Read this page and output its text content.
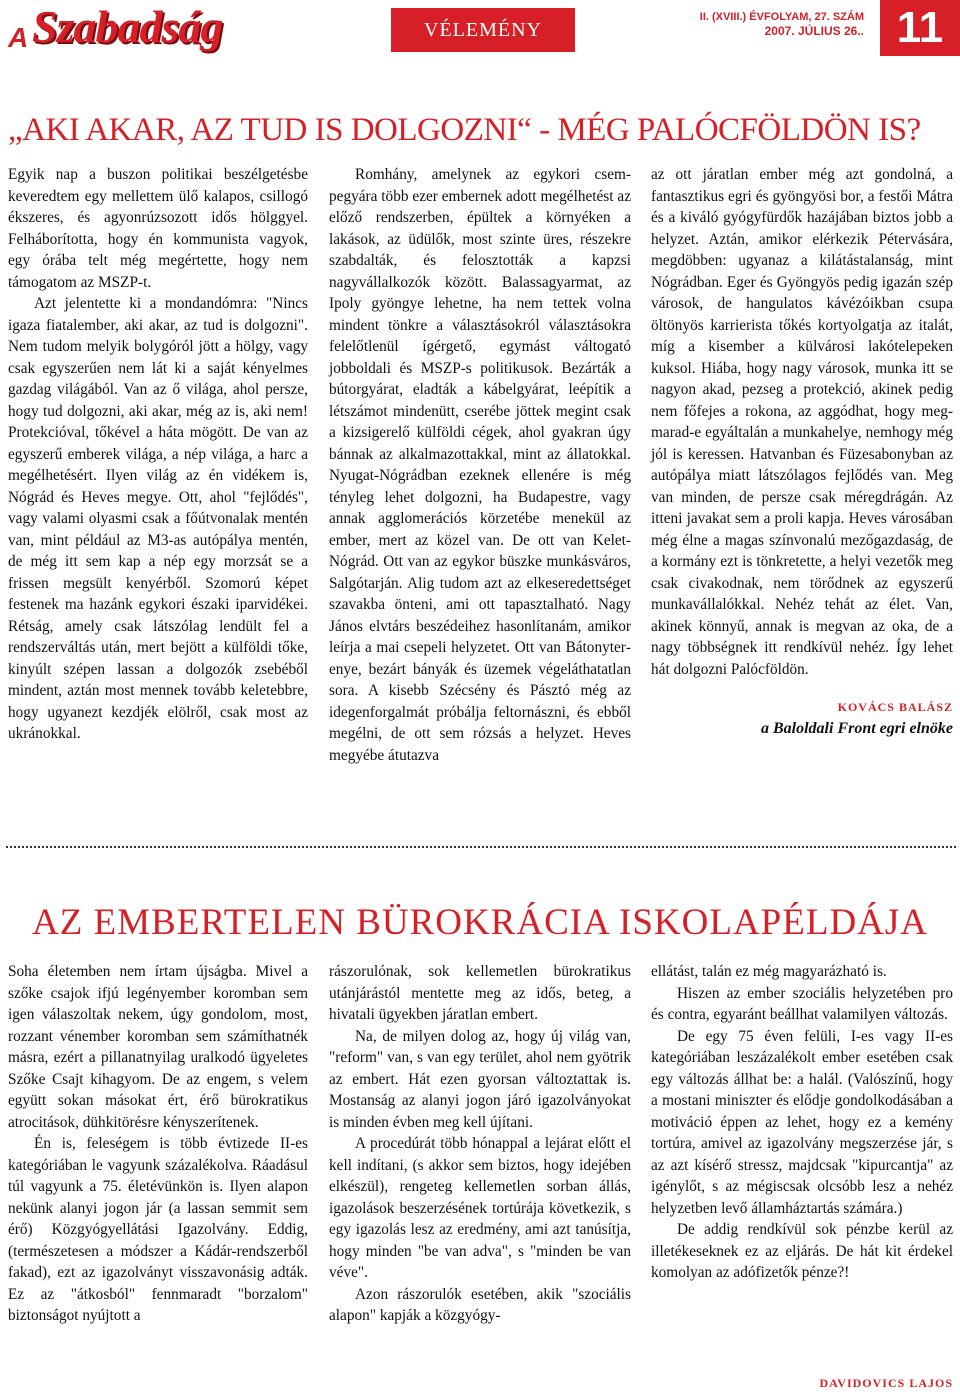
A Szabadság	VÉLEMÉNY
II. (XVIII.) ÉVFOLYAM, 27. SZÁM
2007. JÚLIUS 26.. 11
„AKI AKAR, AZ TUD IS DOLGOZNI“ - MÉG PALÓCFÖLDÖN IS?

Egyik nap a buszon politikai beszélgetésbe keveredtem egy mellettem ülő kalapos, csillogó ékszeres, és agyonrúzsozott idős hölggyel. Felháborította, hogy én kommunista vagyok, egy órába telt még megértette, hogy nem támogatom az MSZP-t.

Azt jelentette ki a mondandómra: "Nincs igaza fiatalember, aki akar, az tud is dolgozni". Nem tudom melyik bolygóról jött a hölgy, vagy csak egyszerűen nem lát ki a saját kényelmes gazdag világából. Van az ő világa, ahol persze, hogy tud dolgozni, aki akar, még az is, aki nem! Protekcióval, tőkével a háta mögött. De van az egyszerű emberek világa, a nép világa, a harc a megélhetésért. Ilyen világ az én vidékem is, Nógrád és Heves megye. Ott, ahol "fejlődés", vagy valami olyasmi csak a főútvonalak mentén van, mint például az M3-as autópálya mentén, de még itt sem kap a nép egy morzsát se a frissen megsült kenyérből. Szomorú képet festenek ma hazánk egykori északi iparvidékei. Rétság, amely csak látszólag lendült fel a rendszerváltás után, mert bejött a külföldi tőke, kinyúlt szépen lassan a dolgozók zsebéből mindent, aztán most mennek tovább keletebbre, hogy ugyanezt kezdjék elölről, csak most az ukránokkal.

Romhány, amelynek az egykori csempegyára több ezer embernek adott megélhetést az előző rendszerben, épültek a környéken a lakások, az üdülők, most szinte üres, részekre szabdalták, és felosztották a kapzsi nagyvállalkozók között. Balassagyarmat, az Ipoly gyöngye lehetne, ha nem tettek volna mindent tönkre a választásokról választásokra felelőtlenül ígérgető, egymást váltogató jobboldali és MSZP-s politikusok. Bezárták a bútorgyárat, eladták a kábelgyárat, leépítik a létszámot mindenütt, cserébe jöttek megint csak a kizsigerelő külföldi cégek, ahol gyakran úgy bánnak az alkalmazottakkal, mint az állatokkal. Nyugat-Nógrádban ezeknek ellenére is még tényleg lehet dolgozni, ha Budapestre, vagy annak agglomerációs körzetébe menekül az ember, mert az közel van. De ott van Kelet-Nógrád. Ott van az egykor büszke munkásváros, Salgótarján. Alig tudom azt az elkeseredettséget szavakba önteni, ami ott tapasztalható. Nagy János elvtárs beszédeihez hasonlítanám, amikor leírja a mai csepeli helyzetet. Ott van Bátonyterenye, bezárt bányák és üzemek végeláthatatlan sora. A kisebb Szécsény és Pásztó még az idegenforgalmát próbálja feltornászni, és ebből megélni, de ott sem rózsás a helyzet. Heves megyébe átutazva

az ott járatlan ember még azt gondolná, a fantasztikus egri és gyöngyösi bor, a festői Mátra és a kiváló gyógyfürdők hazájában biztos jobb a helyzet. Aztán, amikor elérkezik Pétervására, megdöbben: ugyanaz a kilátástalanság, mint Nógrádban. Eger és Gyöngyös pedig igazán szép városok, de hangulatos kávézóikban csupa öltönyös karrierista tőkés kortyolgatja az italát, míg a kisember a külvárosi lakótelepeken kuksol. Hiába, hogy nagy városok, munka itt se nagyon akad, pezseg a protekció, akinek pedig nem főfejes a rokona, az aggódhat, hogy megmarad-e egyáltalán a munkahelye, nemhogy még jól is keressen. Hatvanban és Füzesabonyban az autópálya miatt látszólagos fejlődés van. Meg van minden, de persze csak méregdrágán. Az itteni javakat sem a proli kapja. Heves városában még élne a magas színvonalú mezőgazdaság, de a kormány ezt is tönkretette, a helyi vezetők meg csak civakodnak, nem törődnek az egyszerű munkavállalókkal. Nehéz tehát az élet. Van, akinek könnyű, annak is megvan az oka, de a nagy többségnek itt rendkívül nehéz. Így lehet hát dolgozni Palócföldön.

KOVÁCS BALÁSZ
a Baloldali Front egri elnöke
AZ EMBERTELEN BÜROKRÁCIA ISKOLAPÉLDÁJA

Soha életemben nem írtam újságba. Mivel a szőke csajok ifjú legényember koromban sem igen válaszoltak nekem, úgy gondolom, most, rozzant vénember koromban sem számíthatnék másra, ezért a pillanatnyilag uralkodó ügyeletes Szőke Csajt kihagyom. De az engem, s velem együtt sokan másokat ért, érő bürokratikus atrocitások, dühkitörésre kényszerítenek.

Én is, feleségem is több évtizede II-es kategóriában le vagyunk százalékolva. Ráadásul túl vagyunk a 75. életévünkön is. Ilyen alapon nekünk alanyi jogon jár (a lassan semmit sem érő) Közgyógyellátási Igazolvány. Eddig, (természetesen a módszer a Kádár-rendszerből fakad), ezt az igazolványt visszavonásig adták. Ez az "átkosból" fennmaradt "borzalom" biztonságot nyújtott a

rászorulónak, sok kellemetlen bürokratikus utánjárástól mentette meg az idős, beteg, a hivatali ügyekben járatlan embert.

Na, de milyen dolog az, hogy új világ van, "reform" van, s van egy terület, ahol nem gyötrik az embert. Hát ezen gyorsan változtattak is. Mostanság az alanyi jogon járó igazolványokat is minden évben meg kell újítani.

A procedúrát több hónappal a lejárat előtt el kell indítani, (s akkor sem biztos, hogy idejében elkészül), rengeteg kellemetlen sorban állás, igazolások beszerzésének tortúrája következik, s egy igazolás lesz az eredmény, ami azt tanúsítja, hogy minden "be van adva", s "minden be van véve".

Azon rászorulók esetében, akik "szociális alapon" kapják a közgyógy-

ellátást, talán ez még magyarázható is.

Hiszen az ember szociális helyzetében pro és contra, egyaránt beállhat valamilyen változás.

De egy 75 éven felüli, I-es vagy II-es kategóriában leszázalékolt ember esetében csak egy változás állhat be: a halál. (Valószínű, hogy a mostani miniszter és elődje gondolkodásában a motiváció éppen az lehet, hogy ez a kemény tortúra, amivel az igazolvány megszerzése jár, s az azt kísérő stressz, majdcsak "kipurcantja" az igénylőt, s az mégiscsak olcsóbb lesz a nehéz helyzetben levő államháztartás számára.)

De addig rendkívül sok pénzbe kerül az illetékeseknek ez az eljárás. De hát kit érdekel komolyan az adófizetők pénze?!

DAVIDOVICS LAJOS
